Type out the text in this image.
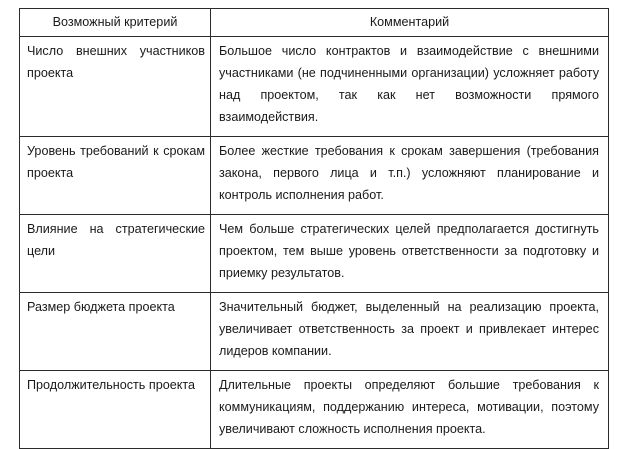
Возможный критерий	Комментарий

Число внешних участников проекта	Большое число контрактов и взаимодействие с внешними участниками (не подчиненными организации) усложняет работу над проектом, так как нет возможности прямого взаимодействия.

Уровень требований к срокам проекта	Более жесткие требования к срокам завершения (требования закона, первого лица и т.п.) усложняют планирование и контроль исполнения работ.

Влияние на стратегические цели	Чем больше стратегических целей предполагается достигнуть проектом, тем выше уровень ответственности за подготовку и приемку результатов.

Размер бюджета проекта	Значительный бюджет, выделенный на реализацию проекта, увеличивает ответственность за проект и привлекает интерес лидеров компании.

Продолжительность проекта	Длительные проекты определяют большие требования к коммуникациям, поддержанию интереса, мотивации, поэтому увеличивают сложность исполнения проекта.
